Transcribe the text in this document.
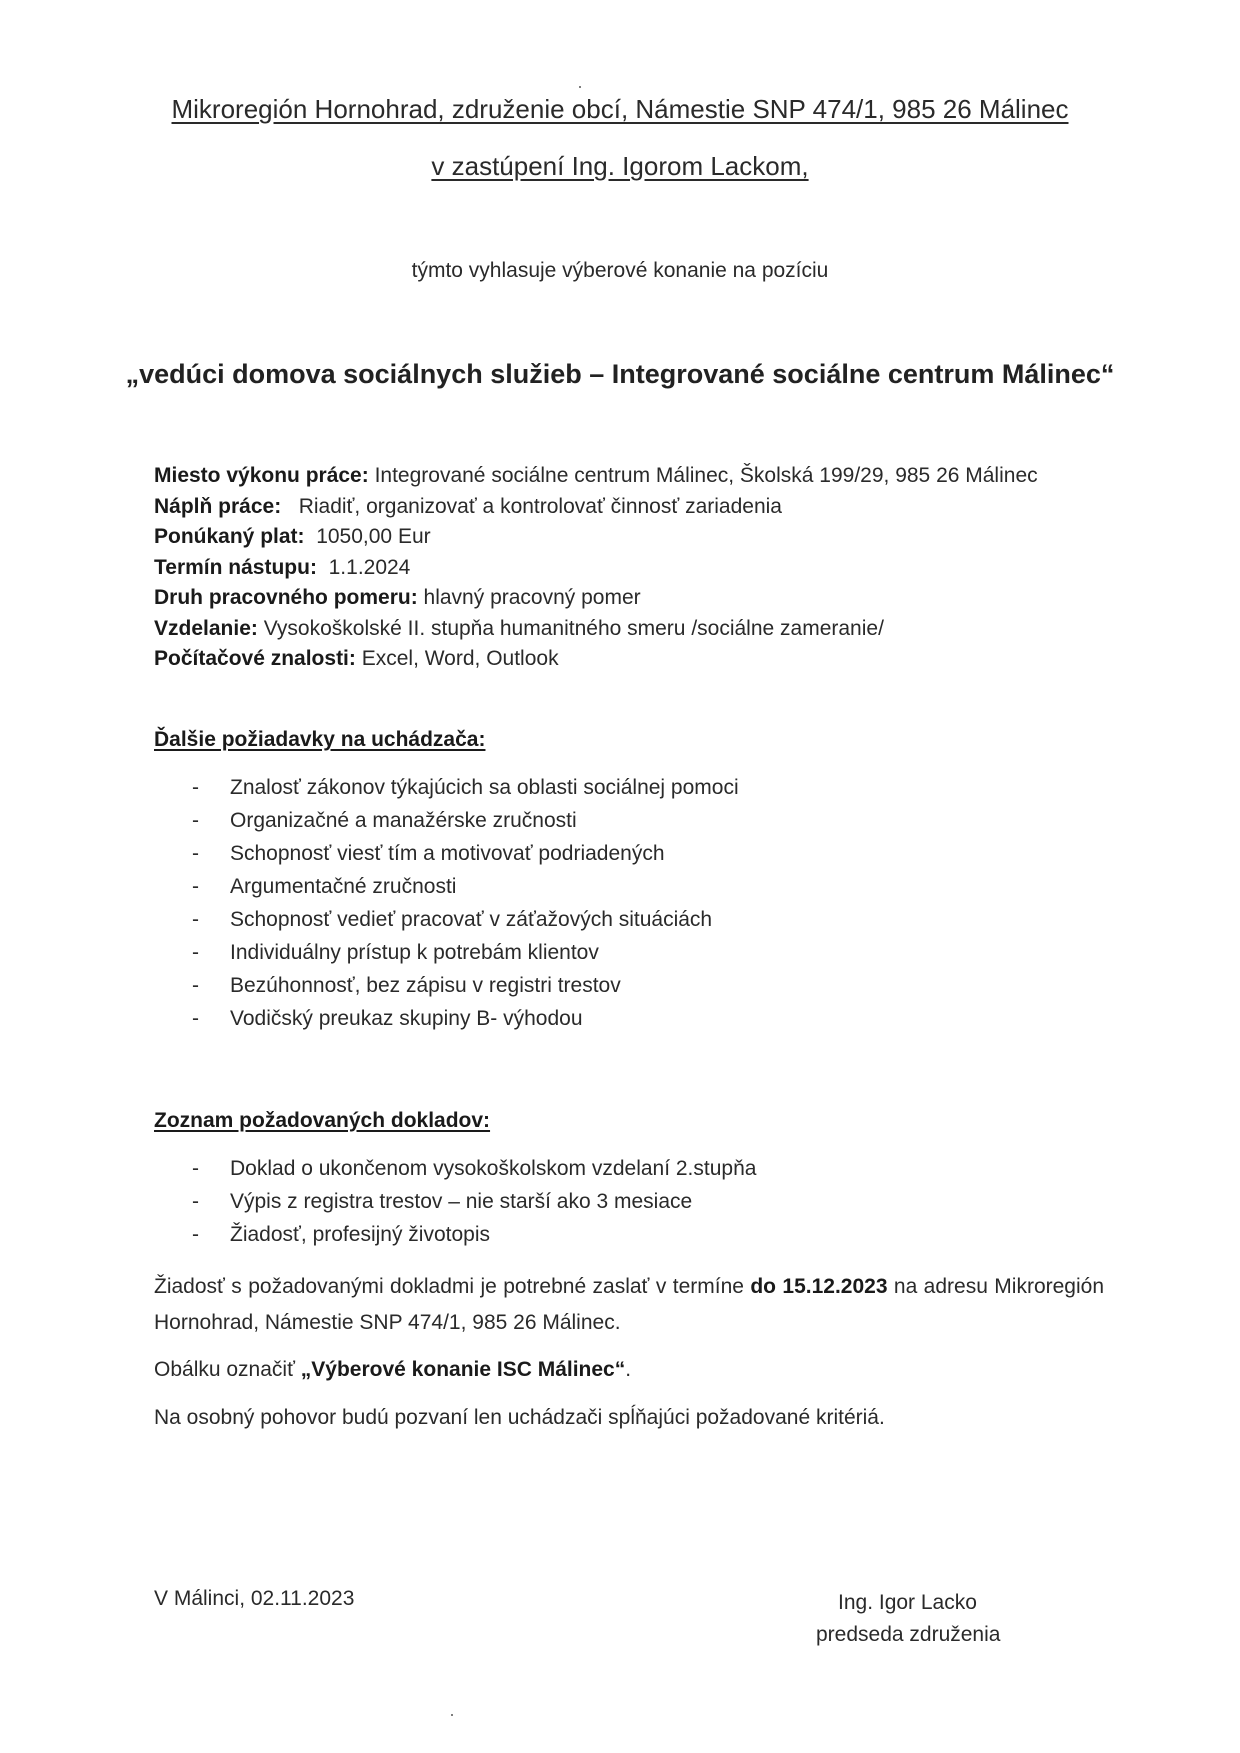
Mikroregión Hornohrad, združenie obcí, Námestie SNP 474/1, 985 26 Málinec
v zastúpení Ing. Igorom Lackom,
týmto vyhlasuje výberové konanie na pozíciu
„vedúci domova sociálnych služieb – Integrované sociálne centrum Málinec“
Miesto výkonu práce: Integrované sociálne centrum Málinec, Školská 199/29, 985 26 Málinec
Náplň práce:   Riadiť, organizovať a kontrolovať činnosť zariadenia
Ponúkaný plat:  1050,00 Eur
Termín nástupu:  1.1.2024
Druh pracovného pomeru: hlavný pracovný pomer
Vzdelanie: Vysokoškolské II. stupňa humanitného smeru /sociálne zameranie/
Počítačové znalosti: Excel, Word, Outlook
Ďalšie požiadavky na uchádzača:
- Znalosť zákonov týkajúcich sa oblasti sociálnej pomoci
- Organizačné a manažérske zručnosti
- Schopnosť viesť tím a motivovať podriadených
- Argumentačné zručnosti
- Schopnosť vedieť pracovať v záťažových situáciách
- Individuálny prístup k potrebám klientov
- Bezúhonnosť, bez zápisu v registri trestov
- Vodičský preukaz skupiny B- výhodou
Zoznam požadovaných dokladov:
- Doklad o ukončenom vysokoškolskom vzdelaní 2.stupňa
- Výpis z registra trestov – nie starší ako 3 mesiace
- Žiadosť, profesijný životopis
Žiadosť s požadovanými dokladmi je potrebné zaslať v termíne do 15.12.2023 na adresu Mikroregión Hornohrad, Námestie SNP 474/1, 985 26 Málinec.
Obálku označiť „Výberové konanie ISC Málinec“.
Na osobný pohovor budú pozvaní len uchádzači spĺňajúci požadované kritériá.
V Málinci, 02.11.2023	Ing. Igor Lacko
predseda združenia
